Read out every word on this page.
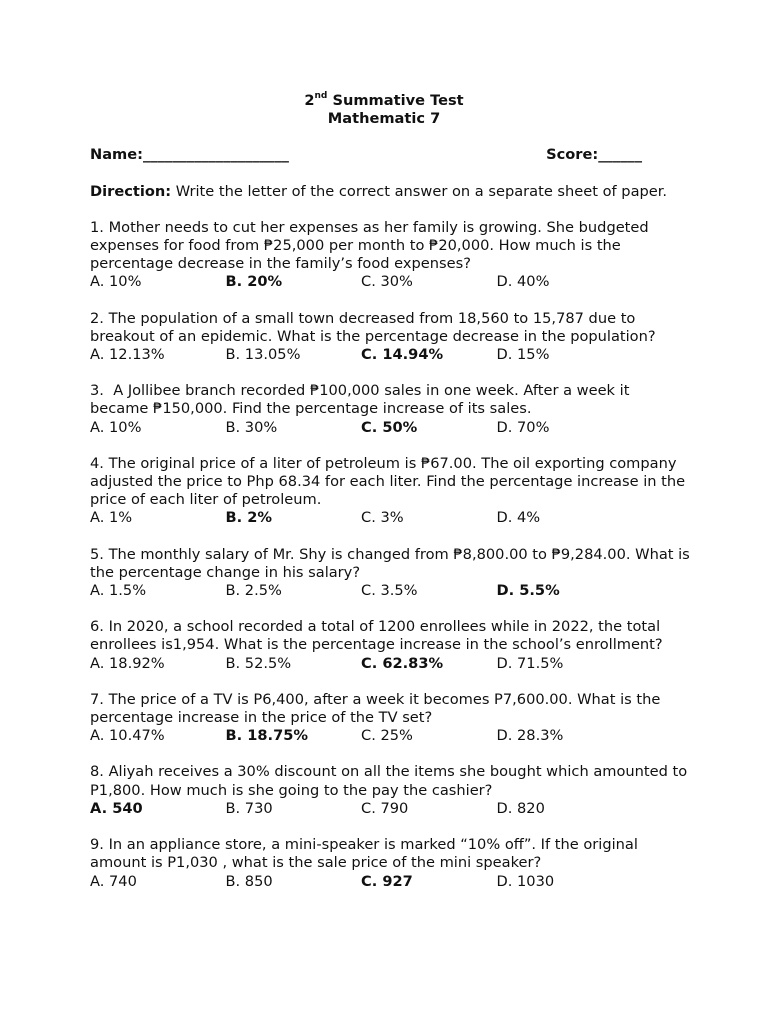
2nd Summative Test
Mathematic 7
Name:____________________	Score:______
Direction: Write the letter of the correct answer on a separate sheet of paper.
1. Mother needs to cut her expenses as her family is growing. She budgeted expenses for food from ₱25,000 per month to ₱20,000. How much is the percentage decrease in the family’s food expenses?
A. 10%	B. 20%	C. 30%	D. 40%
2. The population of a small town decreased from 18,560 to 15,787 due to breakout of an epidemic. What is the percentage decrease in the population?
A. 12.13%	B. 13.05%	C. 14.94%	D. 15%
3.  A Jollibee branch recorded ₱100,000 sales in one week. After a week it became ₱150,000. Find the percentage increase of its sales.
A. 10%	B. 30%	C. 50%	D. 70%
4. The original price of a liter of petroleum is ₱67.00. The oil exporting company adjusted the price to Php 68.34 for each liter. Find the percentage increase in the price of each liter of petroleum.
A. 1%	B. 2%	C. 3%	D. 4%
5. The monthly salary of Mr. Shy is changed from ₱8,800.00 to ₱9,284.00. What is the percentage change in his salary?
A. 1.5%	B. 2.5%	C. 3.5%	D. 5.5%
6. In 2020, a school recorded a total of 1200 enrollees while in 2022, the total enrollees is1,954. What is the percentage increase in the school’s enrollment?
A. 18.92%	B. 52.5%	C. 62.83%	D. 71.5%
7. The price of a TV is P6,400, after a week it becomes P7,600.00. What is the percentage increase in the price of the TV set?
A. 10.47%	B. 18.75%	C. 25%	D. 28.3%
8. Aliyah receives a 30% discount on all the items she bought which amounted to P1,800. How much is she going to the pay the cashier?
A. 540	B. 730	C. 790	D. 820
9. In an appliance store, a mini-speaker is marked “10% off”. If the original amount is P1,030 , what is the sale price of the mini speaker?
A. 740	B. 850	C. 927	D. 1030
